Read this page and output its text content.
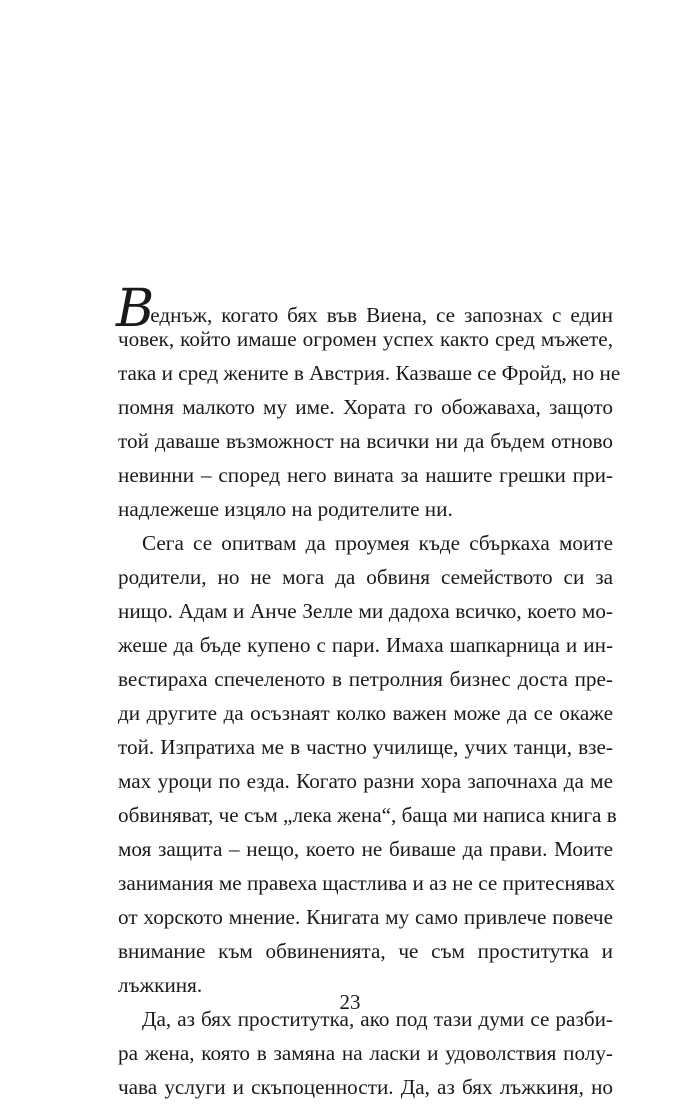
Веднъж, когато бях във Виена, се запознах с един

човек, който имаше огромен успех както сред мъжете,

така и сред жените в Австрия. Казваше се Фройд, но не

помня малкото му име. Хората го обожаваха, защото

той даваше възможност на всички ни да бъдем отново

невинни – според него вината за нашите грешки при-

надлежеше изцяло на родителите ни.

Сега се опитвам да проумея къде сбъркаха моите

родители, но не мога да обвиня семейството си за

нищо. Адам и Анче Зелле ми дадоха всичко, което мо-

жеше да бъде купено с пари. Имаха шапкарница и ин-

вестираха спечеленото в петролния бизнес доста пре-

ди другите да осъзнаят колко важен може да се окаже

той. Изпратиха ме в частно училище, учих танци, взе-

мах уроци по езда. Когато разни хора започнаха да ме

обвиняват, че съм „лека жена“, баща ми написа книга в

моя защита – нещо, което не биваше да прави. Моите

занимания ме правеха щастлива и аз не се притеснявах

от хорското мнение. Книгата му само привлече повече

внимание към обвиненията, че съм проститутка и

лъжкиня.

Да, аз бях проститутка, ако под тази думи се разби-

ра жена, която в замяна на ласки и удоволствия полу-

чава услуги и скъпоценности. Да, аз бях лъжкиня, но

23
